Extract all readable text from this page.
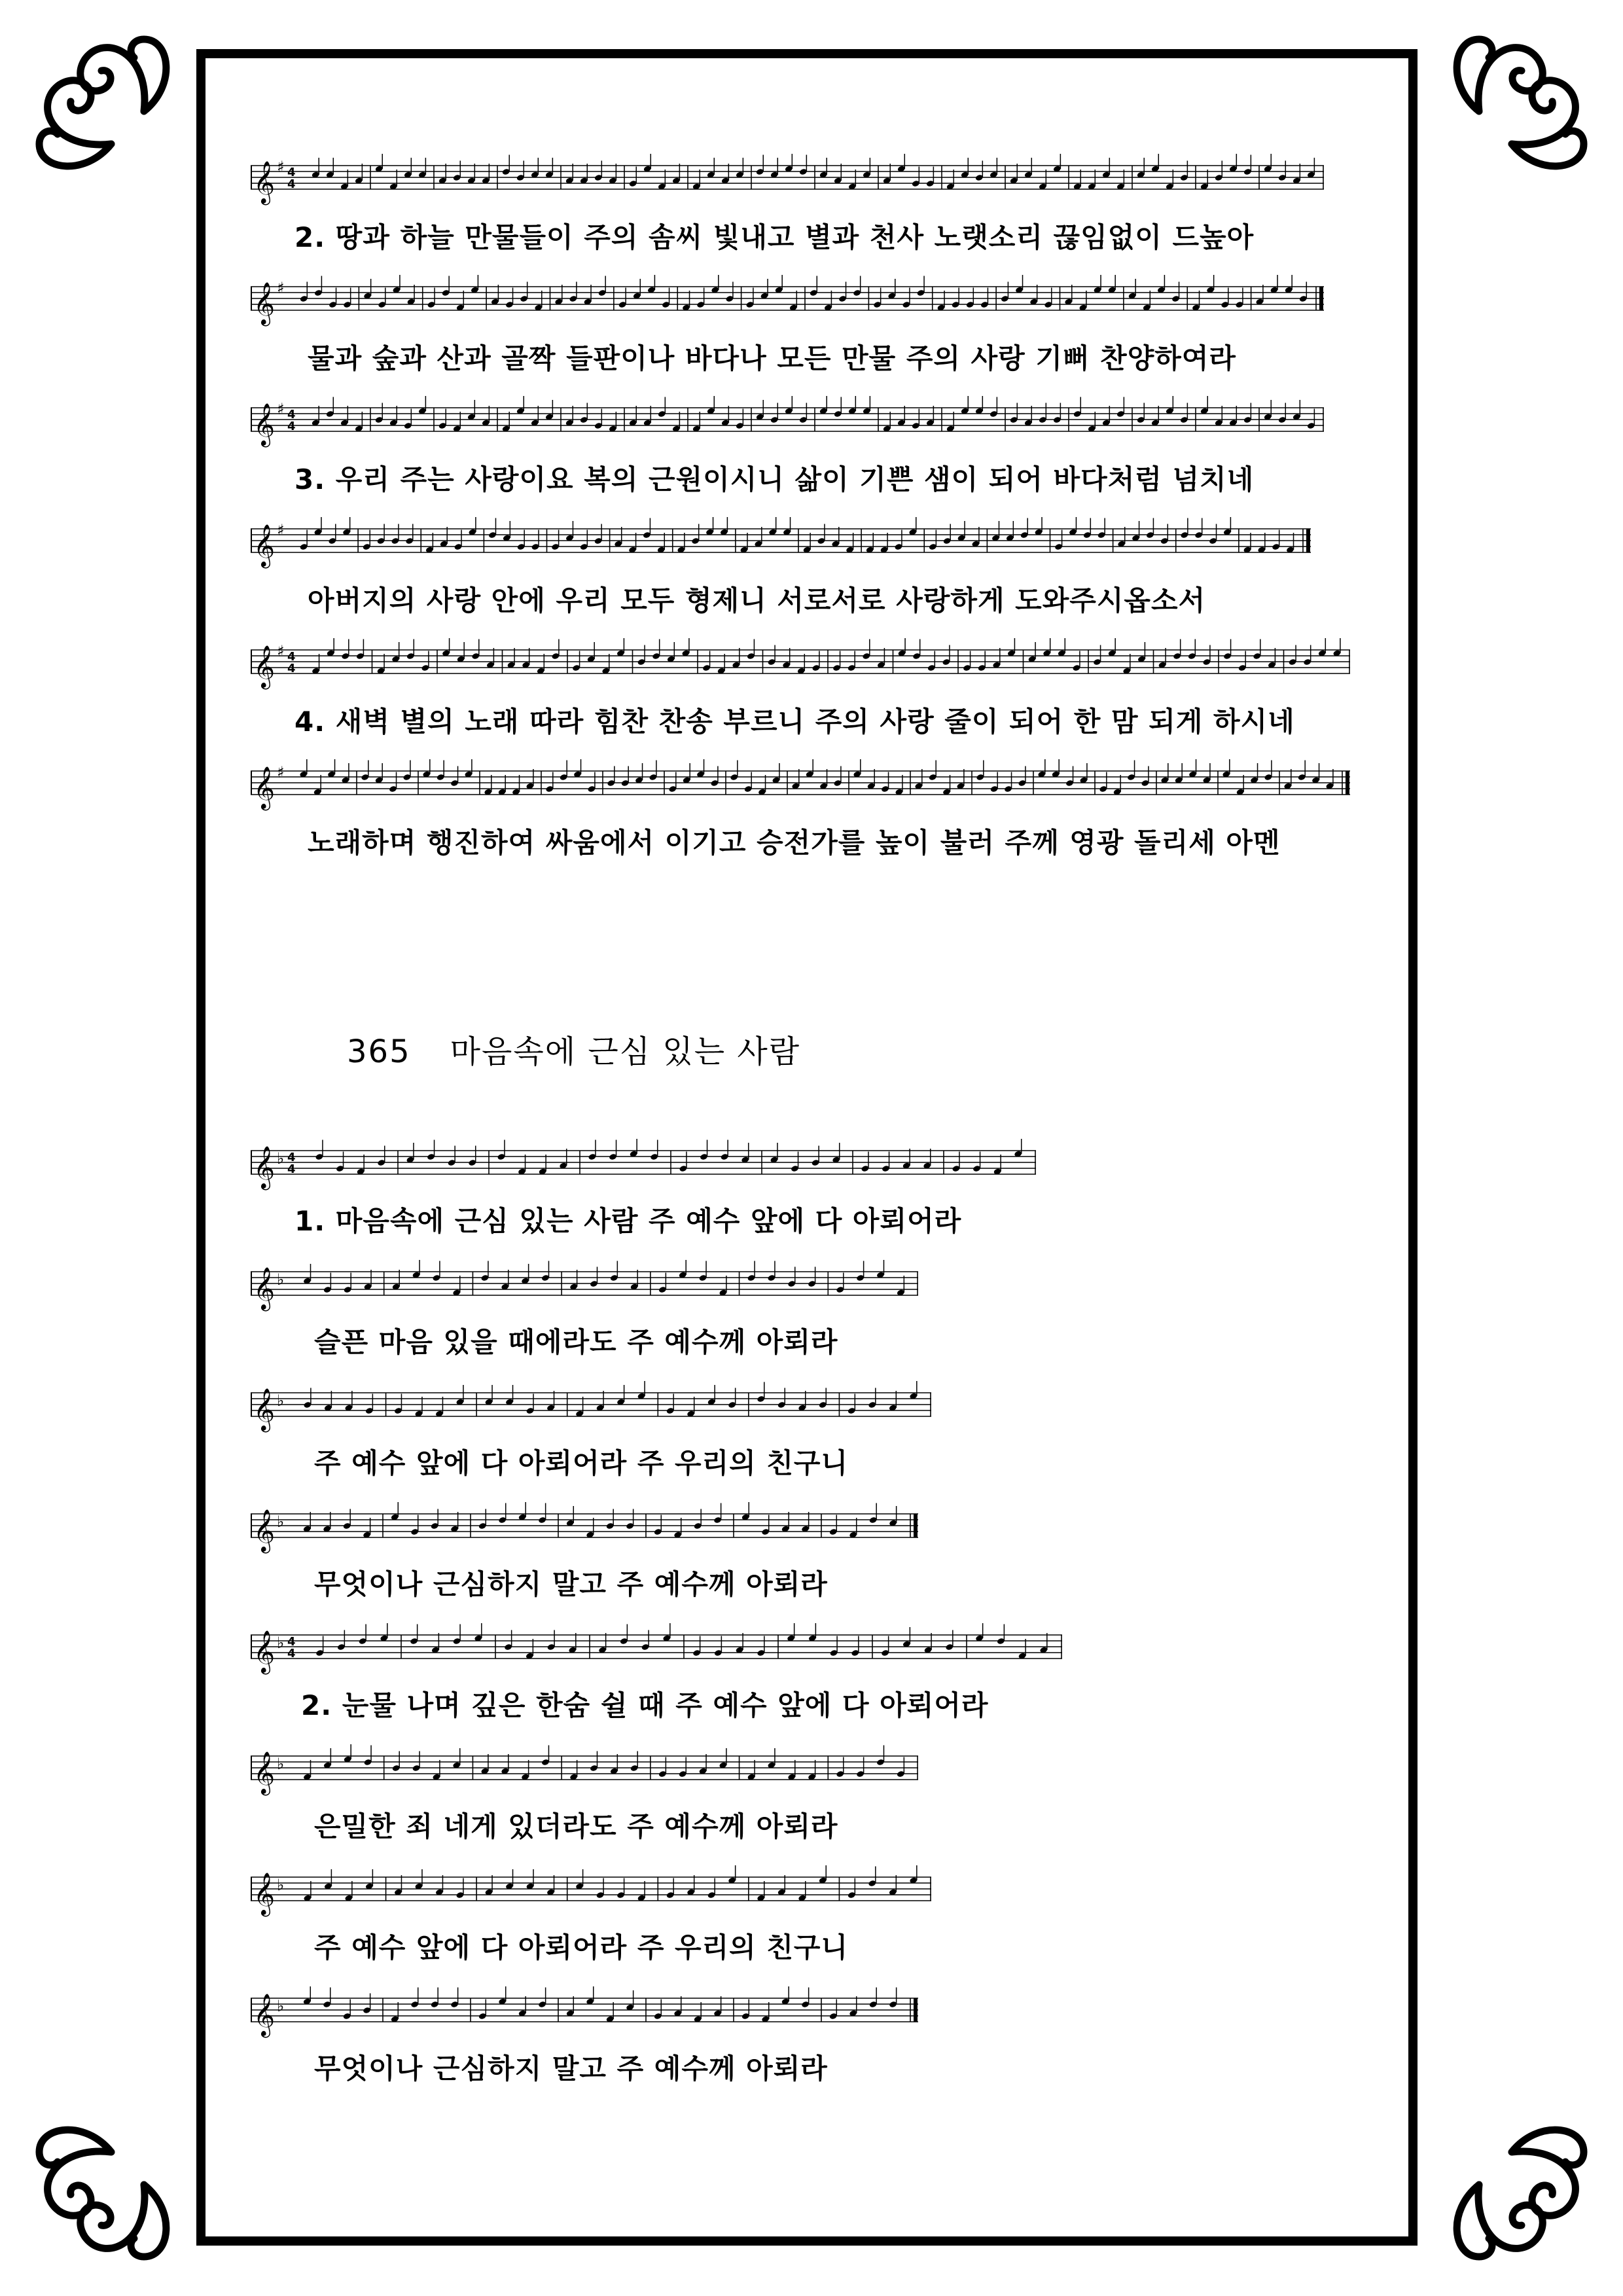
𝄞 ♯ 4
4
2. 땅과 하늘 만물들이 주의 솜씨 빛내고 별과 천사 노랫소리 끊임없이 드높아
𝄞 ♯
물과 숲과 산과 골짝 들판이나 바다나 모든 만물 주의 사랑 기뻐 찬양하여라
𝄞 ♯ 4
4
3. 우리 주는 사랑이요 복의 근원이시니 삶이 기쁜 샘이 되어 바다처럼 넘치네
𝄞 ♯
아버지의 사랑 안에 우리 모두 형제니 서로서로 사랑하게 도와주시옵소서
𝄞 ♯ 4
4
4. 새벽 별의 노래 따라 힘찬 찬송 부르니 주의 사랑 줄이 되어 한 맘 되게 하시네
𝄞 ♯
노래하며 행진하여 싸움에서 이기고 승전가를 높이 불러 주께 영광 돌리세 아멘
365 마음속에 근심 있는 사람
𝄞 ♭ 4
4
1. 마음속에 근심 있는 사람 주 예수 앞에 다 아뢰어라
𝄞 ♭
슬픈 마음 있을 때에라도 주 예수께 아뢰라
𝄞 ♭
주 예수 앞에 다 아뢰어라 주 우리의 친구니
𝄞 ♭
무엇이나 근심하지 말고 주 예수께 아뢰라
𝄞 ♭ 4
4
2. 눈물 나며 깊은 한숨 쉴 때 주 예수 앞에 다 아뢰어라
𝄞 ♭
은밀한 죄 네게 있더라도 주 예수께 아뢰라
𝄞 ♭
주 예수 앞에 다 아뢰어라 주 우리의 친구니
𝄞 ♭
무엇이나 근심하지 말고 주 예수께 아뢰라
